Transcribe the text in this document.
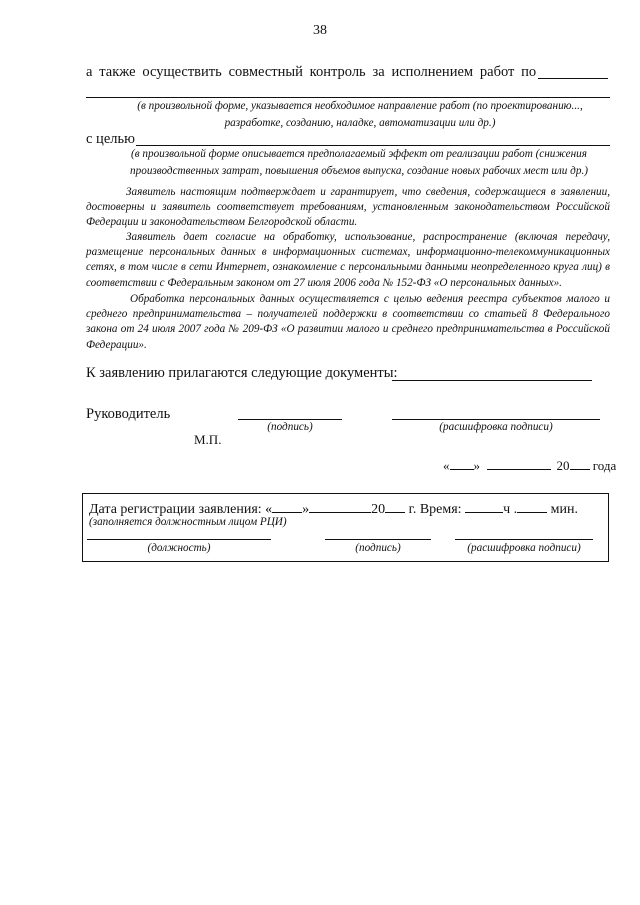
38
а также осуществить совместный контроль за исполнением работ по
(в произвольной форме, указывается необходимое направление работ (по проектированию..., разработке, созданию, наладке, автоматизации или др.)
с целью
(в произвольной форме описывается предполагаемый эффект от реализации работ (снижения производственных затрат, повышения объемов выпуска, создание новых рабочих мест или др.)
Заявитель настоящим подтверждает и гарантирует, что сведения, содержащиеся в заявлении, достоверны и заявитель соответствует требованиям, установленным законодательством Российской Федерации и законодательством Белгородской области.
Заявитель дает согласие на обработку, использование, распространение (включая передачу, размещение персональных данных в информационных системах, информационно-телекоммуникационных сетях, в том числе в сети Интернет, ознакомление с персональными данными неопределенного круга лиц) в соответствии с Федеральным законом от 27 июля 2006 года № 152-ФЗ «О персональных данных».
Обработка персональных данных осуществляется с целью ведения реестра субъектов малого и среднего предпринимательства – получателей поддержки в соответствии со статьей 8 Федерального закона от 24 июля 2007 года № 209-ФЗ «О развитии малого и среднего предпринимательства в Российской Федерации».
К заявлению прилагаются следующие документы:
Руководитель
(подпись)	(расшифровка подписи)
М.П.
« »	20 года
Дата регистрации заявления: « »	20 г. Время:	ч . мин.
(заполняется должностным лицом РЦИ)
(должность)	(подпись)	(расшифровка подписи)
